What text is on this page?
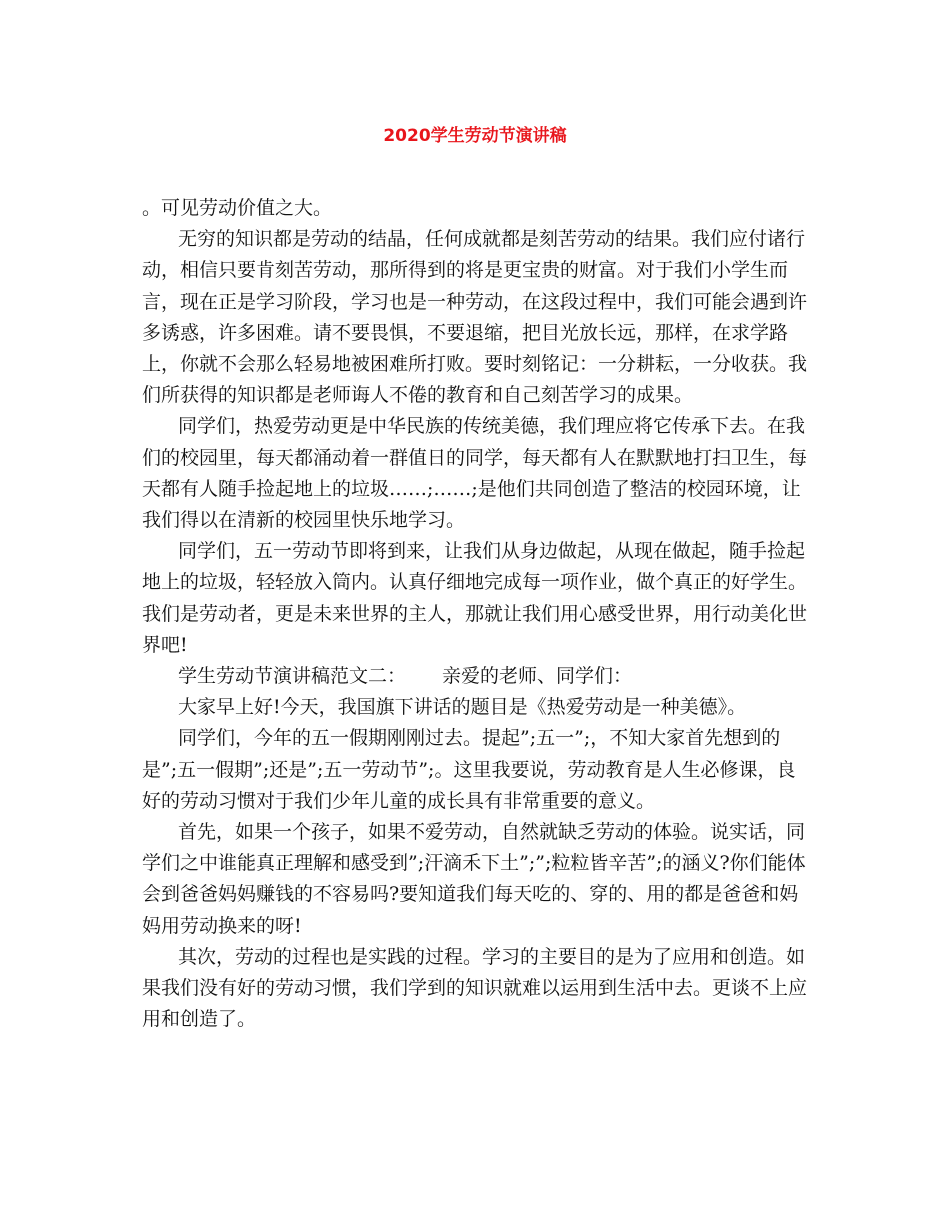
2020学生劳动节演讲稿

。可见劳动价值之大。

无穷的知识都是劳动的结晶，任何成就都是刻苦劳动的结果。我们应付诸行动，相信只要肯刻苦劳动，那所得到的将是更宝贵的财富。对于我们小学生而言，现在正是学习阶段，学习也是一种劳动，在这段过程中，我们可能会遇到许多诱惑，许多困难。请不要畏惧，不要退缩，把目光放长远，那样，在求学路上，你就不会那么轻易地被困难所打败。要时刻铭记：一分耕耘，一分收获。我们所获得的知识都是老师诲人不倦的教育和自己刻苦学习的成果。

同学们，热爱劳动更是中华民族的传统美德，我们理应将它传承下去。在我们的校园里，每天都涌动着一群值日的同学，每天都有人在默默地打扫卫生，每天都有人随手捡起地上的垃圾……;……;是他们共同创造了整洁的校园环境，让我们得以在清新的校园里快乐地学习。

同学们，五一劳动节即将到来，让我们从身边做起，从现在做起，随手捡起地上的垃圾，轻轻放入筒内。认真仔细地完成每一项作业，做个真正的好学生。我们是劳动者，更是未来世界的主人，那就让我们用心感受世界，用行动美化世界吧!

学生劳动节演讲稿范文二： 亲爱的老师、同学们：

大家早上好!今天，我国旗下讲话的题目是《热爱劳动是一种美德》。

同学们，今年的五一假期刚刚过去。提起”;五一”;，不知大家首先想到的是”;五一假期”;还是”;五一劳动节”;。这里我要说，劳动教育是人生必修课，良好的劳动习惯对于我们少年儿童的成长具有非常重要的意义。

首先，如果一个孩子，如果不爱劳动，自然就缺乏劳动的体验。说实话，同学们之中谁能真正理解和感受到”;汗滴禾下土”;”;粒粒皆辛苦”;的涵义?你们能体会到爸爸妈妈赚钱的不容易吗?要知道我们每天吃的、穿的、用的都是爸爸和妈妈用劳动换来的呀!

其次，劳动的过程也是实践的过程。学习的主要目的是为了应用和创造。如果我们没有好的劳动习惯，我们学到的知识就难以运用到生活中去。更谈不上应用和创造了。
